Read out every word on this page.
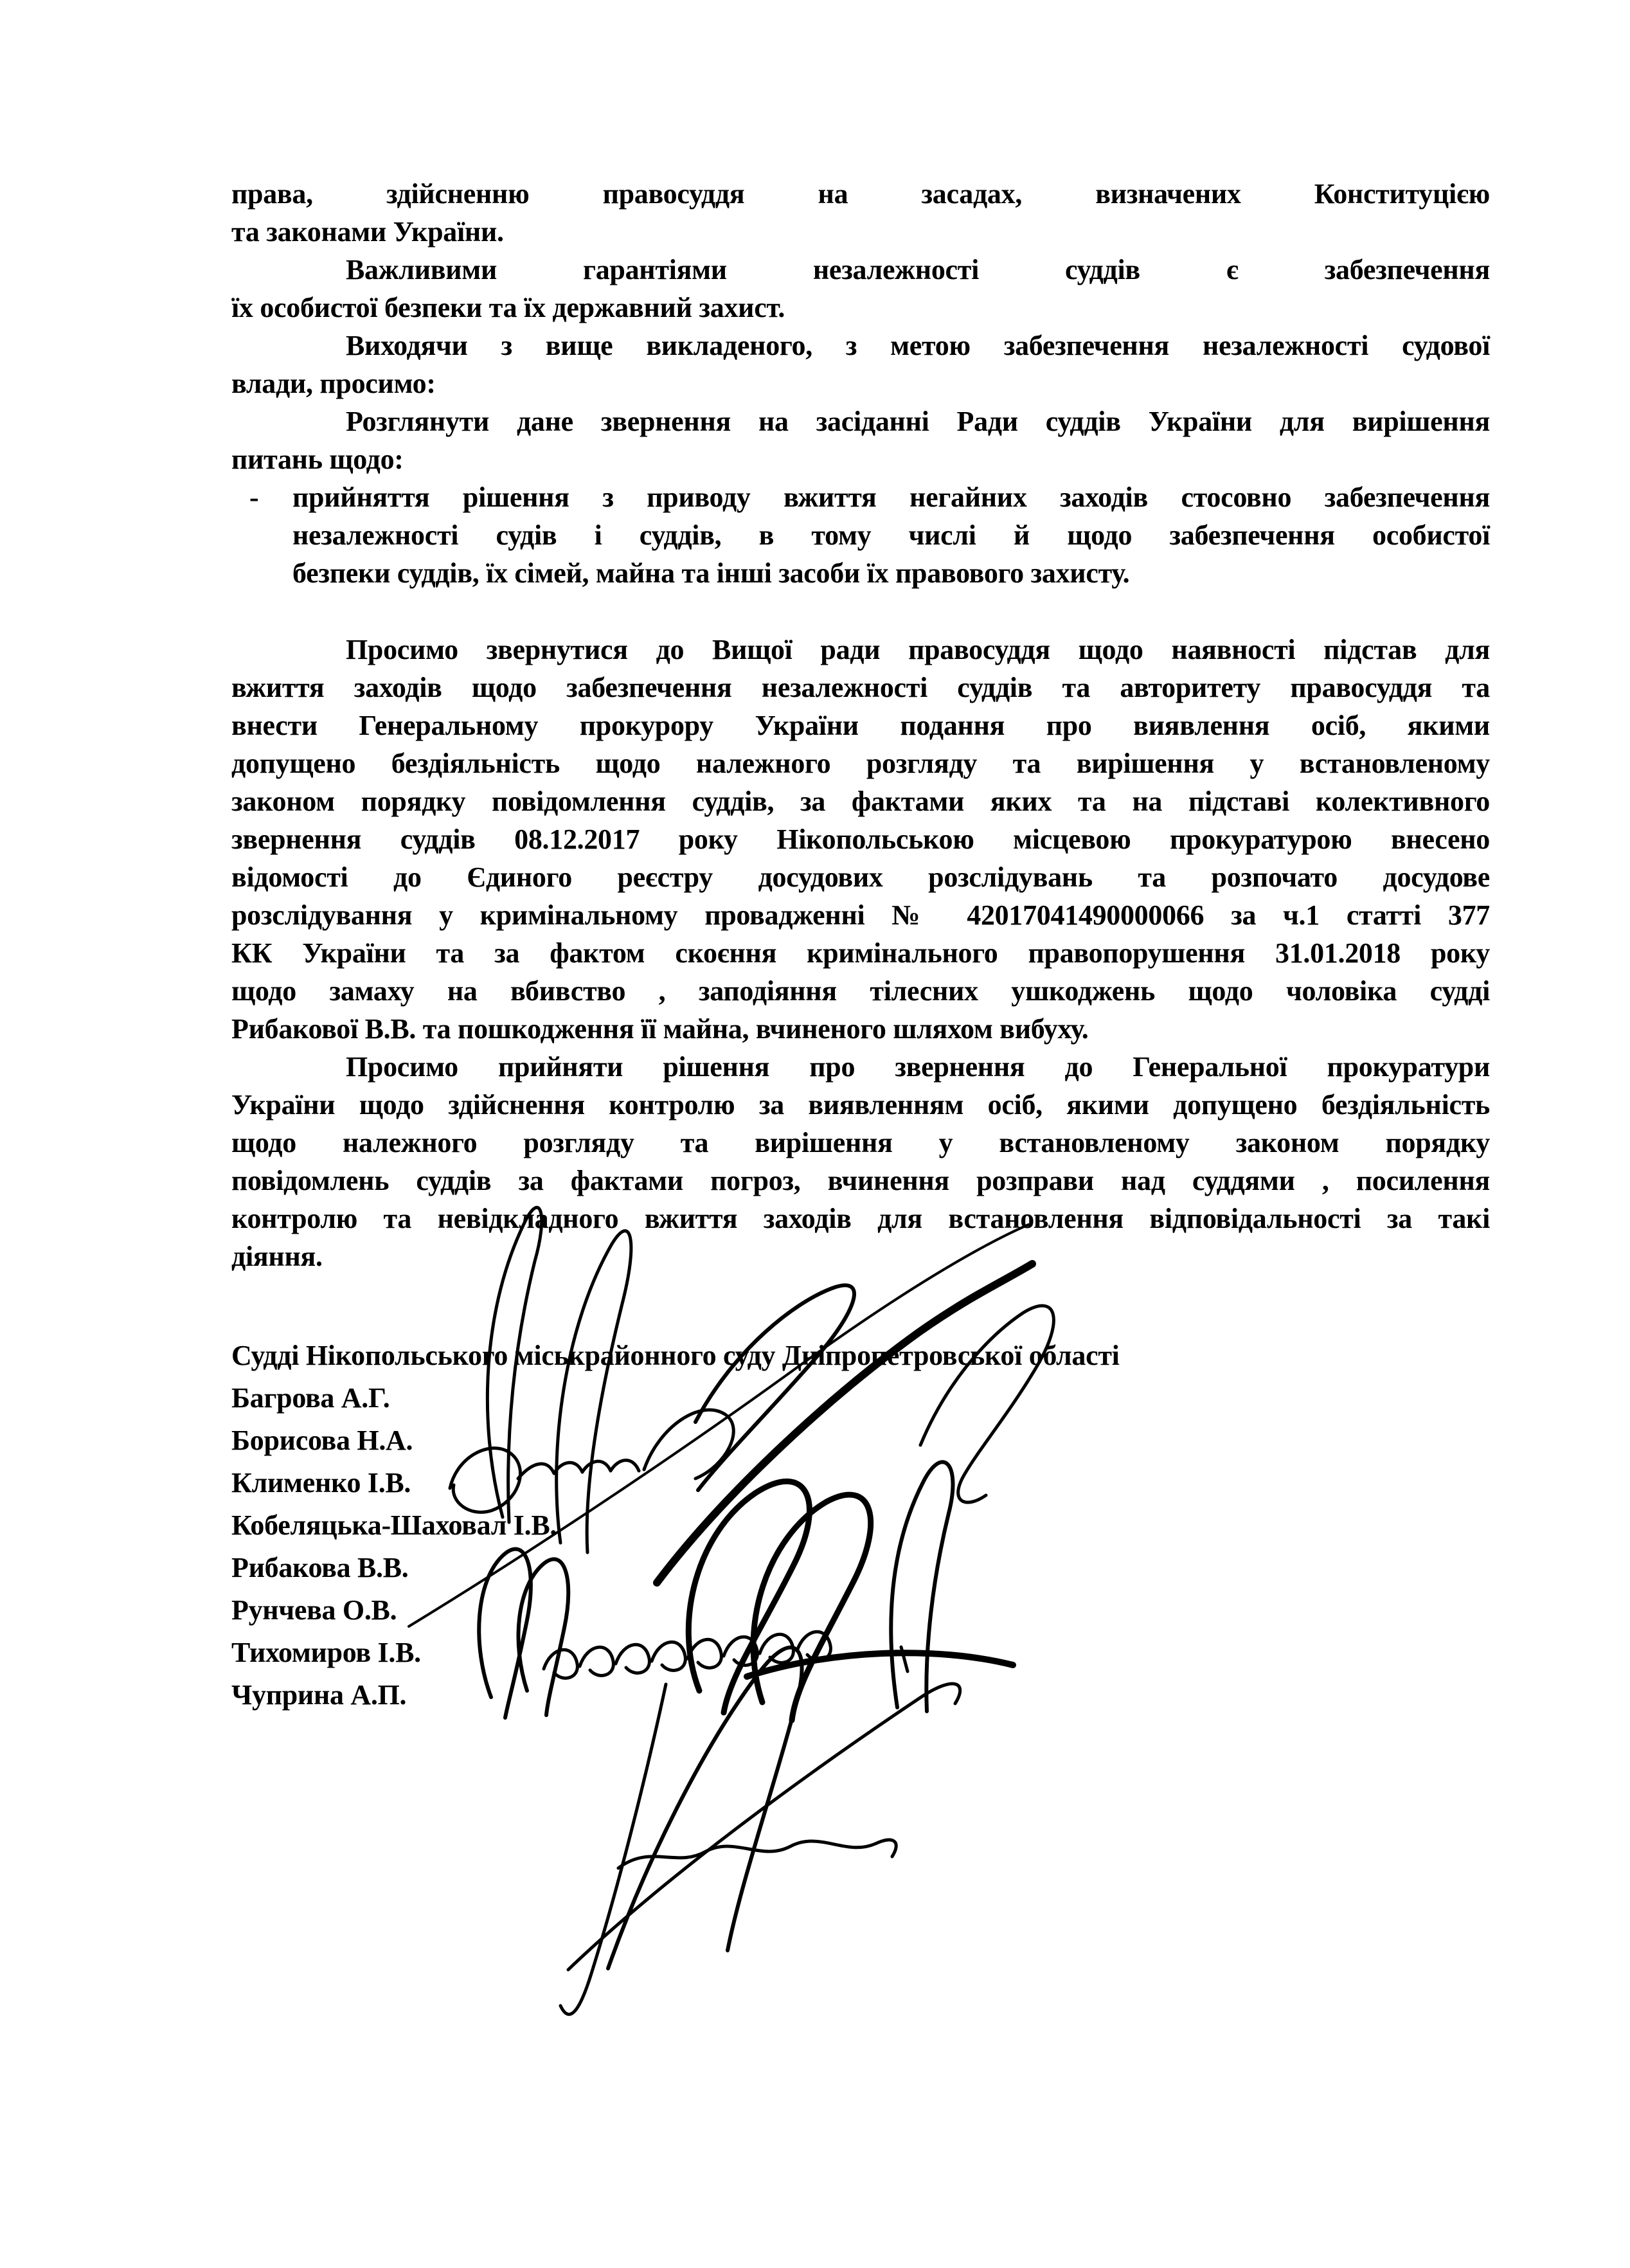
права, здійсненню правосуддя на засадах, визначених Конституцією
та законами України.
Важливими гарантіями незалежності суддів є забезпечення
їх особистої безпеки та їх державний захист.
Виходячи з вище викладеного, з метою забезпечення незалежності судової
влади, просимо:
Розглянути дане звернення на засіданні Ради суддів України для вирішення
питань щодо:
- прийняття рішення з приводу вжиття негайних заходів стосовно забезпечення
незалежності судів і суддів, в тому числі й щодо забезпечення особистої
безпеки суддів, їх сімей, майна та інші засоби їх правового захисту.
Просимо звернутися до Вищої ради правосуддя щодо наявності підстав для
вжиття заходів щодо забезпечення незалежності суддів та авторитету правосуддя та
внести Генеральному прокурору України подання про виявлення осіб, якими
допущено бездіяльність щодо належного розгляду та вирішення у встановленому
законом порядку повідомлення суддів, за фактами яких та на підставі колективного
звернення суддів 08.12.2017 року Нікопольською місцевою прокуратурою внесено
відомості до Єдиного реєстру досудових розслідувань та розпочато досудове
розслідування у кримінальному провадженні № 42017041490000066 за ч.1 статті 377
КК України та за фактом скоєння кримінального правопорушення 31.01.2018 року
щодо замаху на вбивство , заподіяння тілесних ушкоджень щодо чоловіка судді
Рибакової В.В. та пошкодження її майна, вчиненого шляхом вибуху.
Просимо прийняти рішення про звернення до Генеральної прокуратури
України щодо здійснення контролю за виявленням осіб, якими допущено бездіяльність
щодо належного розгляду та вирішення у встановленому законом порядку
повідомлень суддів за фактами погроз, вчинення розправи над суддями , посилення
контролю та невідкладного вжиття заходів для встановлення відповідальності за такі
діяння.
Судді Нікопольського міськрайонного суду Дніпропетровської області
Багрова А.Г.
Борисова Н.А.
Клименко І.В.
Кобеляцька-Шаховал І.В.
Рибакова В.В.
Рунчева О.В.
Тихомиров І.В.
Чуприна А.П.
